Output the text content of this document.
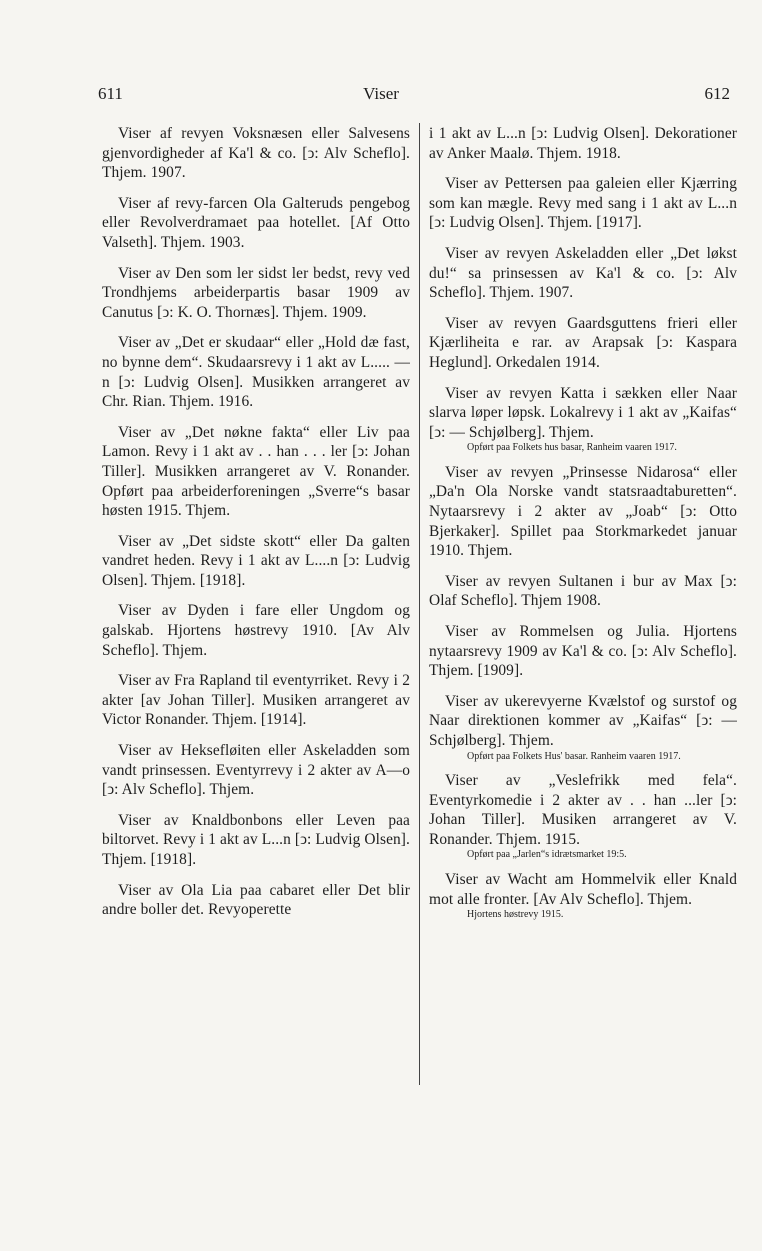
611	Viser	612

Viser af revyen Voksnæsen eller Salvesens gjenvordigheder af Ka'l & co. [ↄ: Alv Scheflo]. Thjem. 1907.

Viser af revy-farcen Ola Galteruds pengebog eller Revolverdramaet paa hotellet. [Af Otto Valseth]. Thjem. 1903.

Viser av Den som ler sidst ler bedst, revy ved Trondhjems arbeiderpartis basar 1909 av Canutus [ↄ: K. O. Thornæs]. Thjem. 1909.

Viser av „Det er skudaar“ eller „Hold dæ fast, no bynne dem“. Skudaarsrevy i 1 akt av L..... —n [ↄ: Ludvig Olsen]. Musikken arrangeret av Chr. Rian. Thjem. 1916.

Viser av „Det nøkne fakta“ eller Liv paa Lamon. Revy i 1 akt av . . han . . . ler [ↄ: Johan Tiller]. Musikken arrangeret av V. Ronander. Opført paa arbeiderforeningen „Sverre“s basar høsten 1915. Thjem.

Viser av „Det sidste skott“ eller Da galten vandret heden. Revy i 1 akt av L....n [ↄ: Ludvig Olsen]. Thjem. [1918].

Viser av Dyden i fare eller Ungdom og galskab. Hjortens høstrevy 1910. [Av Alv Scheflo]. Thjem.

Viser av Fra Rapland til eventyrriket. Revy i 2 akter [av Johan Tiller]. Musiken arrangeret av Victor Ronander. Thjem. [1914].

Viser av Heksefløiten eller Askeladden som vandt prinsessen. Eventyrrevy i 2 akter av A—o [ↄ: Alv Scheflo]. Thjem.

Viser av Knaldbonbons eller Leven paa biltorvet. Revy i 1 akt av L...n [ↄ: Ludvig Olsen]. Thjem. [1918].

Viser av Ola Lia paa cabaret eller Det blir andre boller det. Revyoperette

i 1 akt av L...n [ↄ: Ludvig Olsen]. Dekorationer av Anker Maalø. Thjem. 1918.

Viser av Pettersen paa galeien eller Kjærring som kan mægle. Revy med sang i 1 akt av L...n [ↄ: Ludvig Olsen]. Thjem. [1917].

Viser av revyen Askeladden eller „Det løkst du!“ sa prinsessen av Ka'l & co. [ↄ: Alv Scheflo]. Thjem. 1907.

Viser av revyen Gaardsguttens frieri eller Kjærliheita e rar. av Arapsak [ↄ: Kaspara Heglund]. Orkedalen 1914.

Viser av revyen Katta i sækken eller Naar slarva løper løpsk. Lokalrevy i 1 akt av „Kaifas“ [ↄ: — Schjølberg]. Thjem.

Opført paa Folkets hus basar, Ranheim vaaren 1917.

Viser av revyen „Prinsesse Nidarosa“ eller „Da'n Ola Norske vandt statsraadtaburetten“. Nytaarsrevy i 2 akter av „Joab“ [ↄ: Otto Bjerkaker]. Spillet paa Storkmarkedet januar 1910. Thjem.

Viser av revyen Sultanen i bur av Max [ↄ: Olaf Scheflo]. Thjem 1908.

Viser av Rommelsen og Julia. Hjortens nytaarsrevy 1909 av Ka'l & co. [ↄ: Alv Scheflo]. Thjem. [1909].

Viser av ukerevyerne Kvælstof og surstof og Naar direktionen kommer av „Kaifas“ [ↄ: — Schjølberg]. Thjem.

Opført paa Folkets Hus' basar. Ranheim vaaren 1917.

Viser av „Veslefrikk med fela“. Eventyrkomedie i 2 akter av . . han ...ler [ↄ: Johan Tiller]. Musiken arrangeret av V. Ronander. Thjem. 1915.

Opført paa „Jarlen“s idrætsmarket 19:5.

Viser av Wacht am Hommelvik eller Knald mot alle fronter. [Av Alv Scheflo]. Thjem.

Hjortens høstrevy 1915.
